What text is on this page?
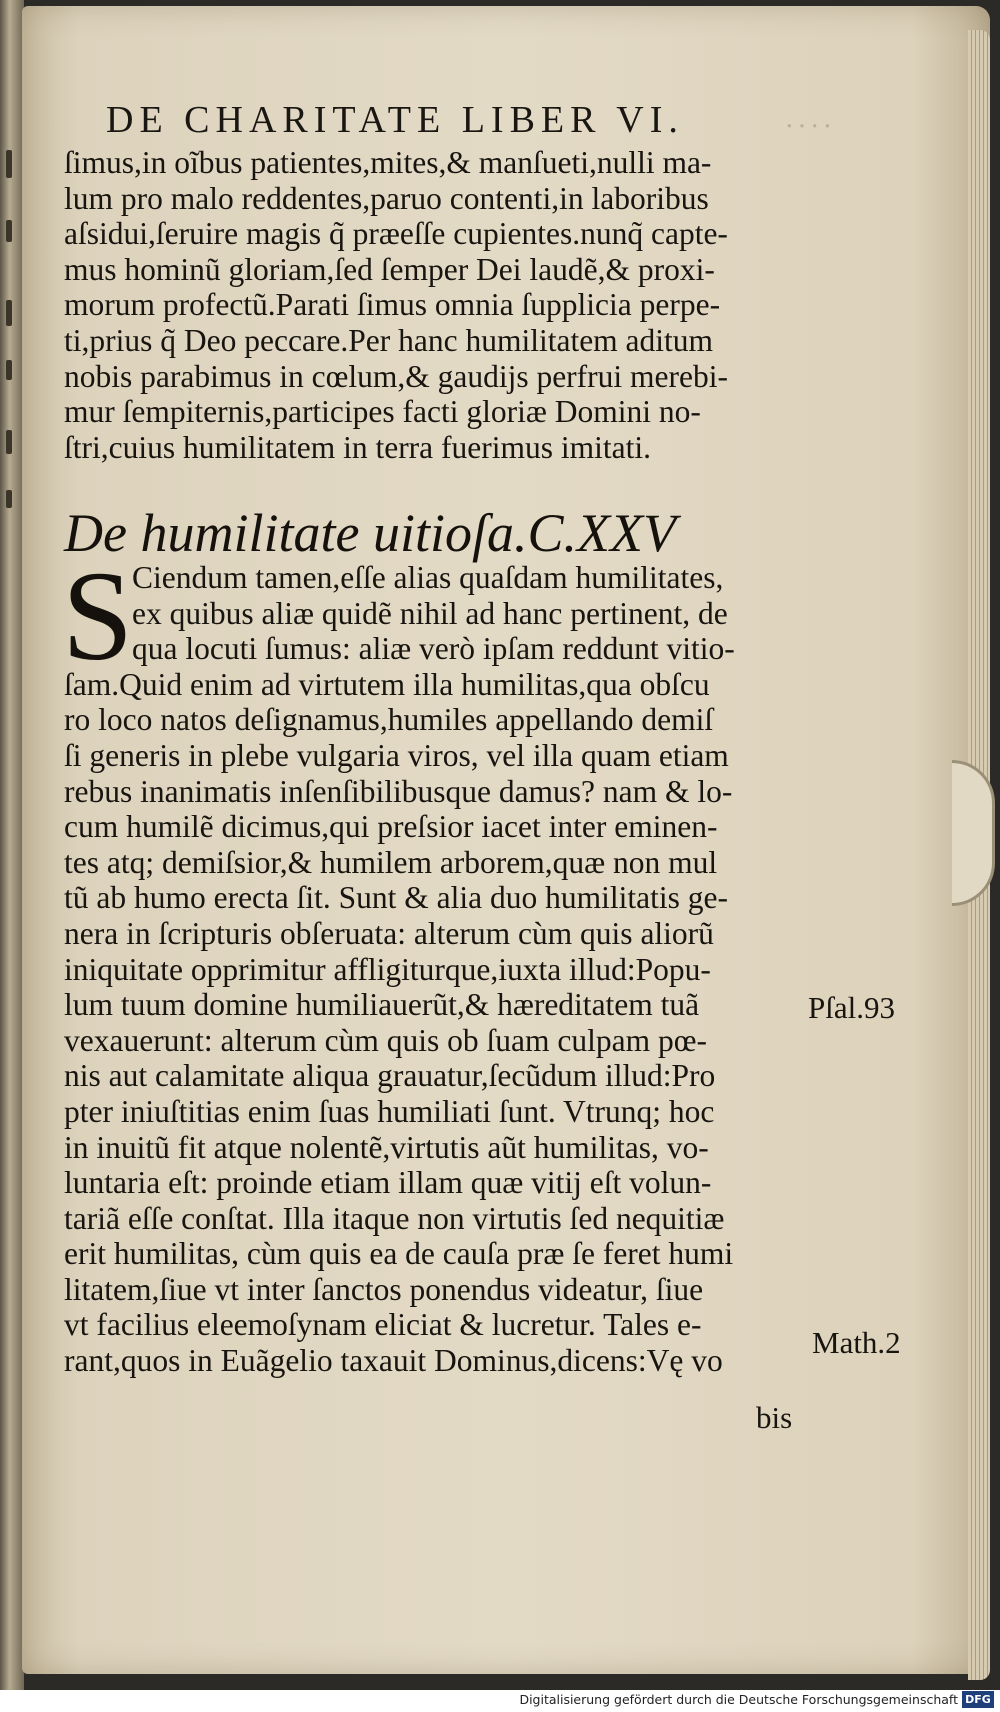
․․․․
DE CHARITATE LIBER VI.
ſimus,in oĩbus patientes,mites,& manſueti,nulli ma-
lum pro malo reddentes,paruo contenti,in laboribus
aſsidui,ſeruire magis q̃ præeſſe cupientes.nunq̃ capte-
mus hominũ gloriam,ſed ſemper Dei laudẽ,& proxi-
morum profectũ.Parati ſimus omnia ſupplicia perpe-
ti,prius q̃ Deo peccare.Per hanc humilitatem aditum
nobis parabimus in cœlum,& gaudijs perfrui merebi-
mur ſempiternis,participes facti gloriæ Domini no-
ſtri,cuius humilitatem in terra fuerimus imitati.
De humilitate uitioſa.C.XXV
S
Ciendum tamen,eſſe alias quaſdam humilitates,
ex quibus aliæ quidẽ nihil ad hanc pertinent, de
qua locuti ſumus: aliæ verò ipſam reddunt vitio-
ſam.Quid enim ad virtutem illa humilitas,qua obſcu
ro loco natos deſignamus,humiles appellando demiſ
ſi generis in plebe vulgaria viros, vel illa quam etiam
rebus inanimatis inſenſibilibusque damus? nam & lo-
cum humilẽ dicimus,qui preſsior iacet inter eminen-
tes atq; demiſsior,& humilem arborem,quæ non mul
tũ ab humo erecta ſit. Sunt & alia duo humilitatis ge-
nera in ſcripturis obſeruata: alterum cùm quis aliorũ
iniquitate opprimitur affligiturque,iuxta illud:Popu-
lum tuum domine humiliauerũt,& hæreditatem tuã
vexauerunt: alterum cùm quis ob ſuam culpam pœ-
nis aut calamitate aliqua grauatur,ſecũdum illud:Pro
pter iniuſtitias enim ſuas humiliati ſunt. Vtrunq; hoc
in inuitũ fit atque nolentẽ,virtutis aũt humilitas, vo-
luntaria eſt: proinde etiam illam quæ vitij eſt volun-
tariã eſſe conſtat. Illa itaque non virtutis ſed nequitiæ
erit humilitas, cùm quis ea de cauſa præ ſe feret humi
litatem,ſiue vt inter ſanctos ponendus videatur, ſiue
vt facilius eleemoſynam eliciat & lucretur. Tales e-
rant,quos in Euãgelio taxauit Dominus,dicens:Vę vo
Pſal.93
Math.2
bis
Digitalisierung gefördert durch die Deutsche Forschungsgemeinschaft DFG
